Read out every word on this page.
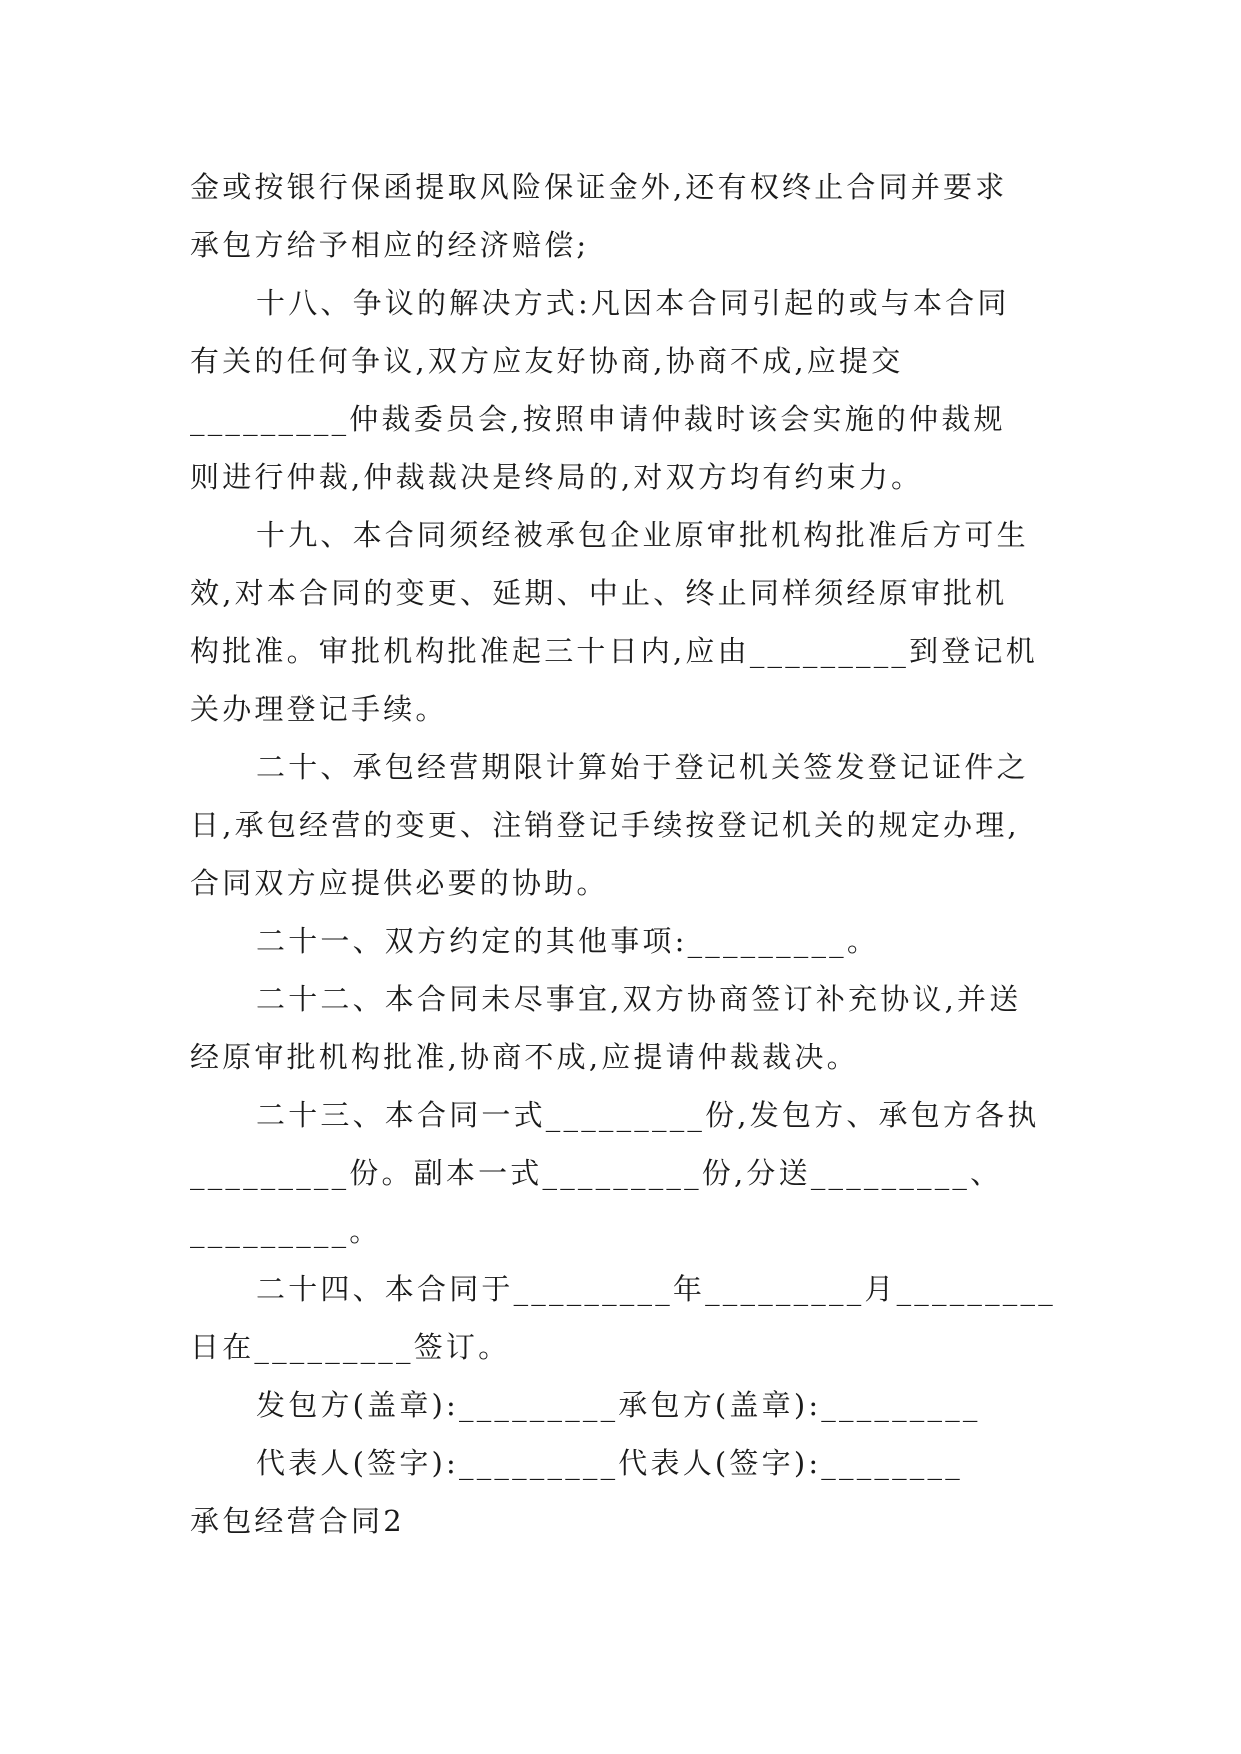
金或按银行保函提取风险保证金外,还有权终止合同并要求
承包方给予相应的经济赔偿;
十八、争议的解决方式:凡因本合同引起的或与本合同
有关的任何争议,双方应友好协商,协商不成,应提交
_________仲裁委员会,按照申请仲裁时该会实施的仲裁规
则进行仲裁,仲裁裁决是终局的,对双方均有约束力。
十九、本合同须经被承包企业原审批机构批准后方可生
效,对本合同的变更、延期、中止、终止同样须经原审批机
构批准。审批机构批准起三十日内,应由_________到登记机
关办理登记手续。
二十、承包经营期限计算始于登记机关签发登记证件之
日,承包经营的变更、注销登记手续按登记机关的规定办理,
合同双方应提供必要的协助。
二十一、双方约定的其他事项:_________。
二十二、本合同未尽事宜,双方协商签订补充协议,并送
经原审批机构批准,协商不成,应提请仲裁裁决。
二十三、本合同一式_________份,发包方、承包方各执
_________份。副本一式_________份,分送_________、
_________。
二十四、本合同于_________年_________月_________
日在_________签订。
发包方(盖章):_________承包方(盖章):_________
代表人(签字):_________代表人(签字):________
承包经营合同2
